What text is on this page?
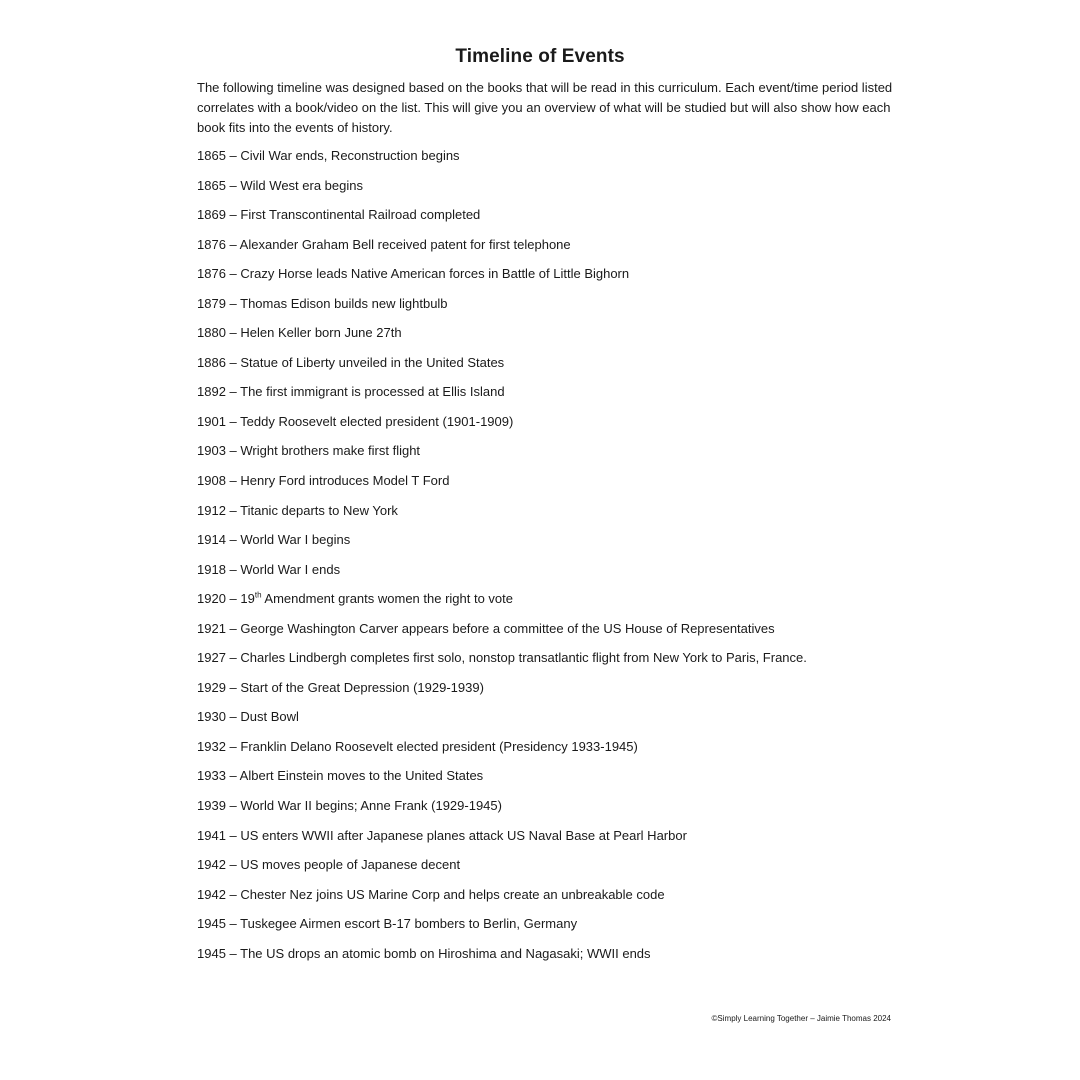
Timeline of Events

The following timeline was designed based on the books that will be read in this curriculum. Each event/time period listed correlates with a book/video on the list. This will give you an overview of what will be studied but will also show how each book fits into the events of history.

1865 – Civil War ends, Reconstruction begins
1865 – Wild West era begins
1869 – First Transcontinental Railroad completed
1876 – Alexander Graham Bell received patent for first telephone
1876 – Crazy Horse leads Native American forces in Battle of Little Bighorn
1879 – Thomas Edison builds new lightbulb
1880 – Helen Keller born June 27th
1886 – Statue of Liberty unveiled in the United States
1892 – The first immigrant is processed at Ellis Island
1901 – Teddy Roosevelt elected president (1901-1909)
1903 – Wright brothers make first flight
1908 – Henry Ford introduces Model T Ford
1912 – Titanic departs to New York
1914 – World War I begins
1918 – World War I ends
1920 – 19th Amendment grants women the right to vote
1921 – George Washington Carver appears before a committee of the US House of Representatives
1927 – Charles Lindbergh completes first solo, nonstop transatlantic flight from New York to Paris, France.
1929 – Start of the Great Depression (1929-1939)
1930 – Dust Bowl
1932 – Franklin Delano Roosevelt elected president (Presidency 1933-1945)
1933 – Albert Einstein moves to the United States
1939 – World War II begins; Anne Frank (1929-1945)
1941 – US enters WWII after Japanese planes attack US Naval Base at Pearl Harbor
1942 – US moves people of Japanese decent
1942 – Chester Nez joins US Marine Corp and helps create an unbreakable code
1945 – Tuskegee Airmen escort B-17 bombers to Berlin, Germany
1945 – The US drops an atomic bomb on Hiroshima and Nagasaki; WWII ends

©Simply Learning Together – Jaimie Thomas 2024
